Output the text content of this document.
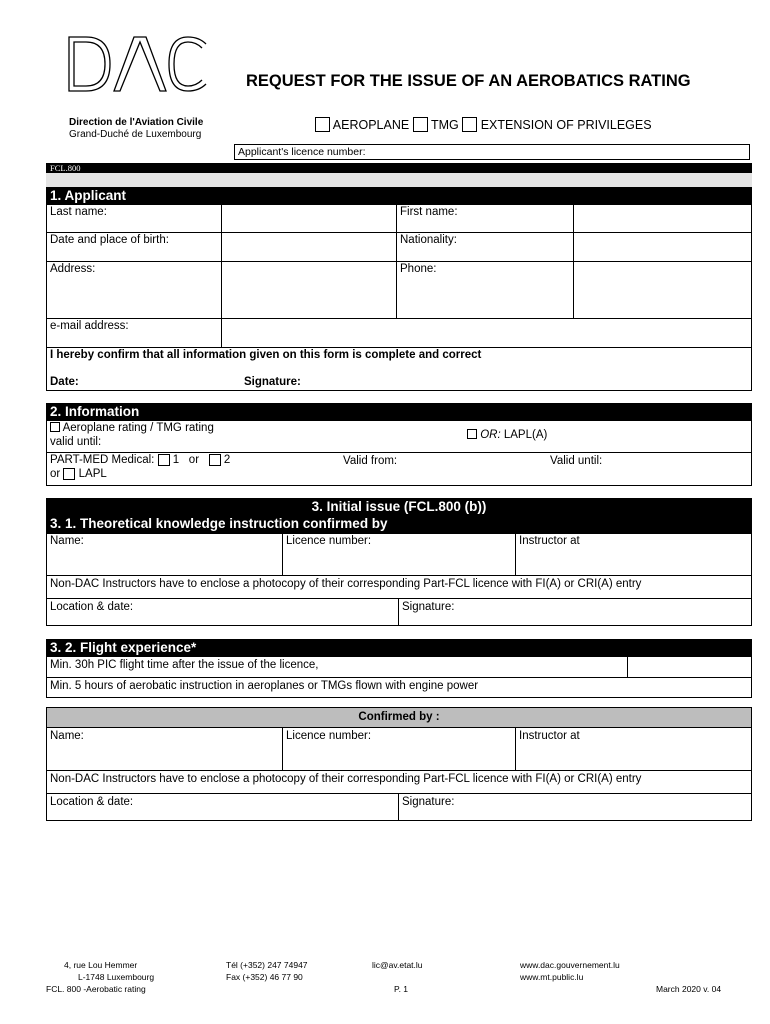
Direction de l'Aviation Civile
Grand-Duché de Luxembourg
REQUEST FOR THE ISSUE OF AN AEROBATICS RATING
AEROPLANE TMG EXTENSION OF PRIVILEGES
Applicant's licence number:
FCL.800
1. Applicant
Last name:	First name:
Date and place of birth:	Nationality:
Address:	Phone:
e-mail address:
I hereby confirm that all information given on this form is complete and correct
Date:	Signature:
2. Information
Aeroplane rating / TMG rating
valid until:
OR: LAPL(A)
PART-MED Medical: 1 or 2
or LAPL
Valid from:	Valid until:
3. Initial issue (FCL.800 (b))
3. 1. Theoretical knowledge instruction confirmed by
Name:	Licence number:	Instructor at
Non-DAC Instructors have to enclose a photocopy of their corresponding Part-FCL licence with FI(A) or CRI(A) entry
Location & date:	Signature:
3. 2. Flight experience*
Min. 30h PIC flight time after the issue of the licence,
Min. 5 hours of aerobatic instruction in aeroplanes or TMGs flown with engine power
Confirmed by :
Name:	Licence number:	Instructor at
Non-DAC Instructors have to enclose a photocopy of their corresponding Part-FCL licence with FI(A) or CRI(A) entry
Location & date:	Signature:
4, rue Lou Hemmer
L-1748 Luxembourg
FCL. 800 -Aerobatic rating
Tél (+352) 247 74947
Fax (+352) 46 77 90
lic@av.etat.lu
P. 1
www.dac.gouvernement.lu
www.mt.public.lu
March 2020 v. 04
